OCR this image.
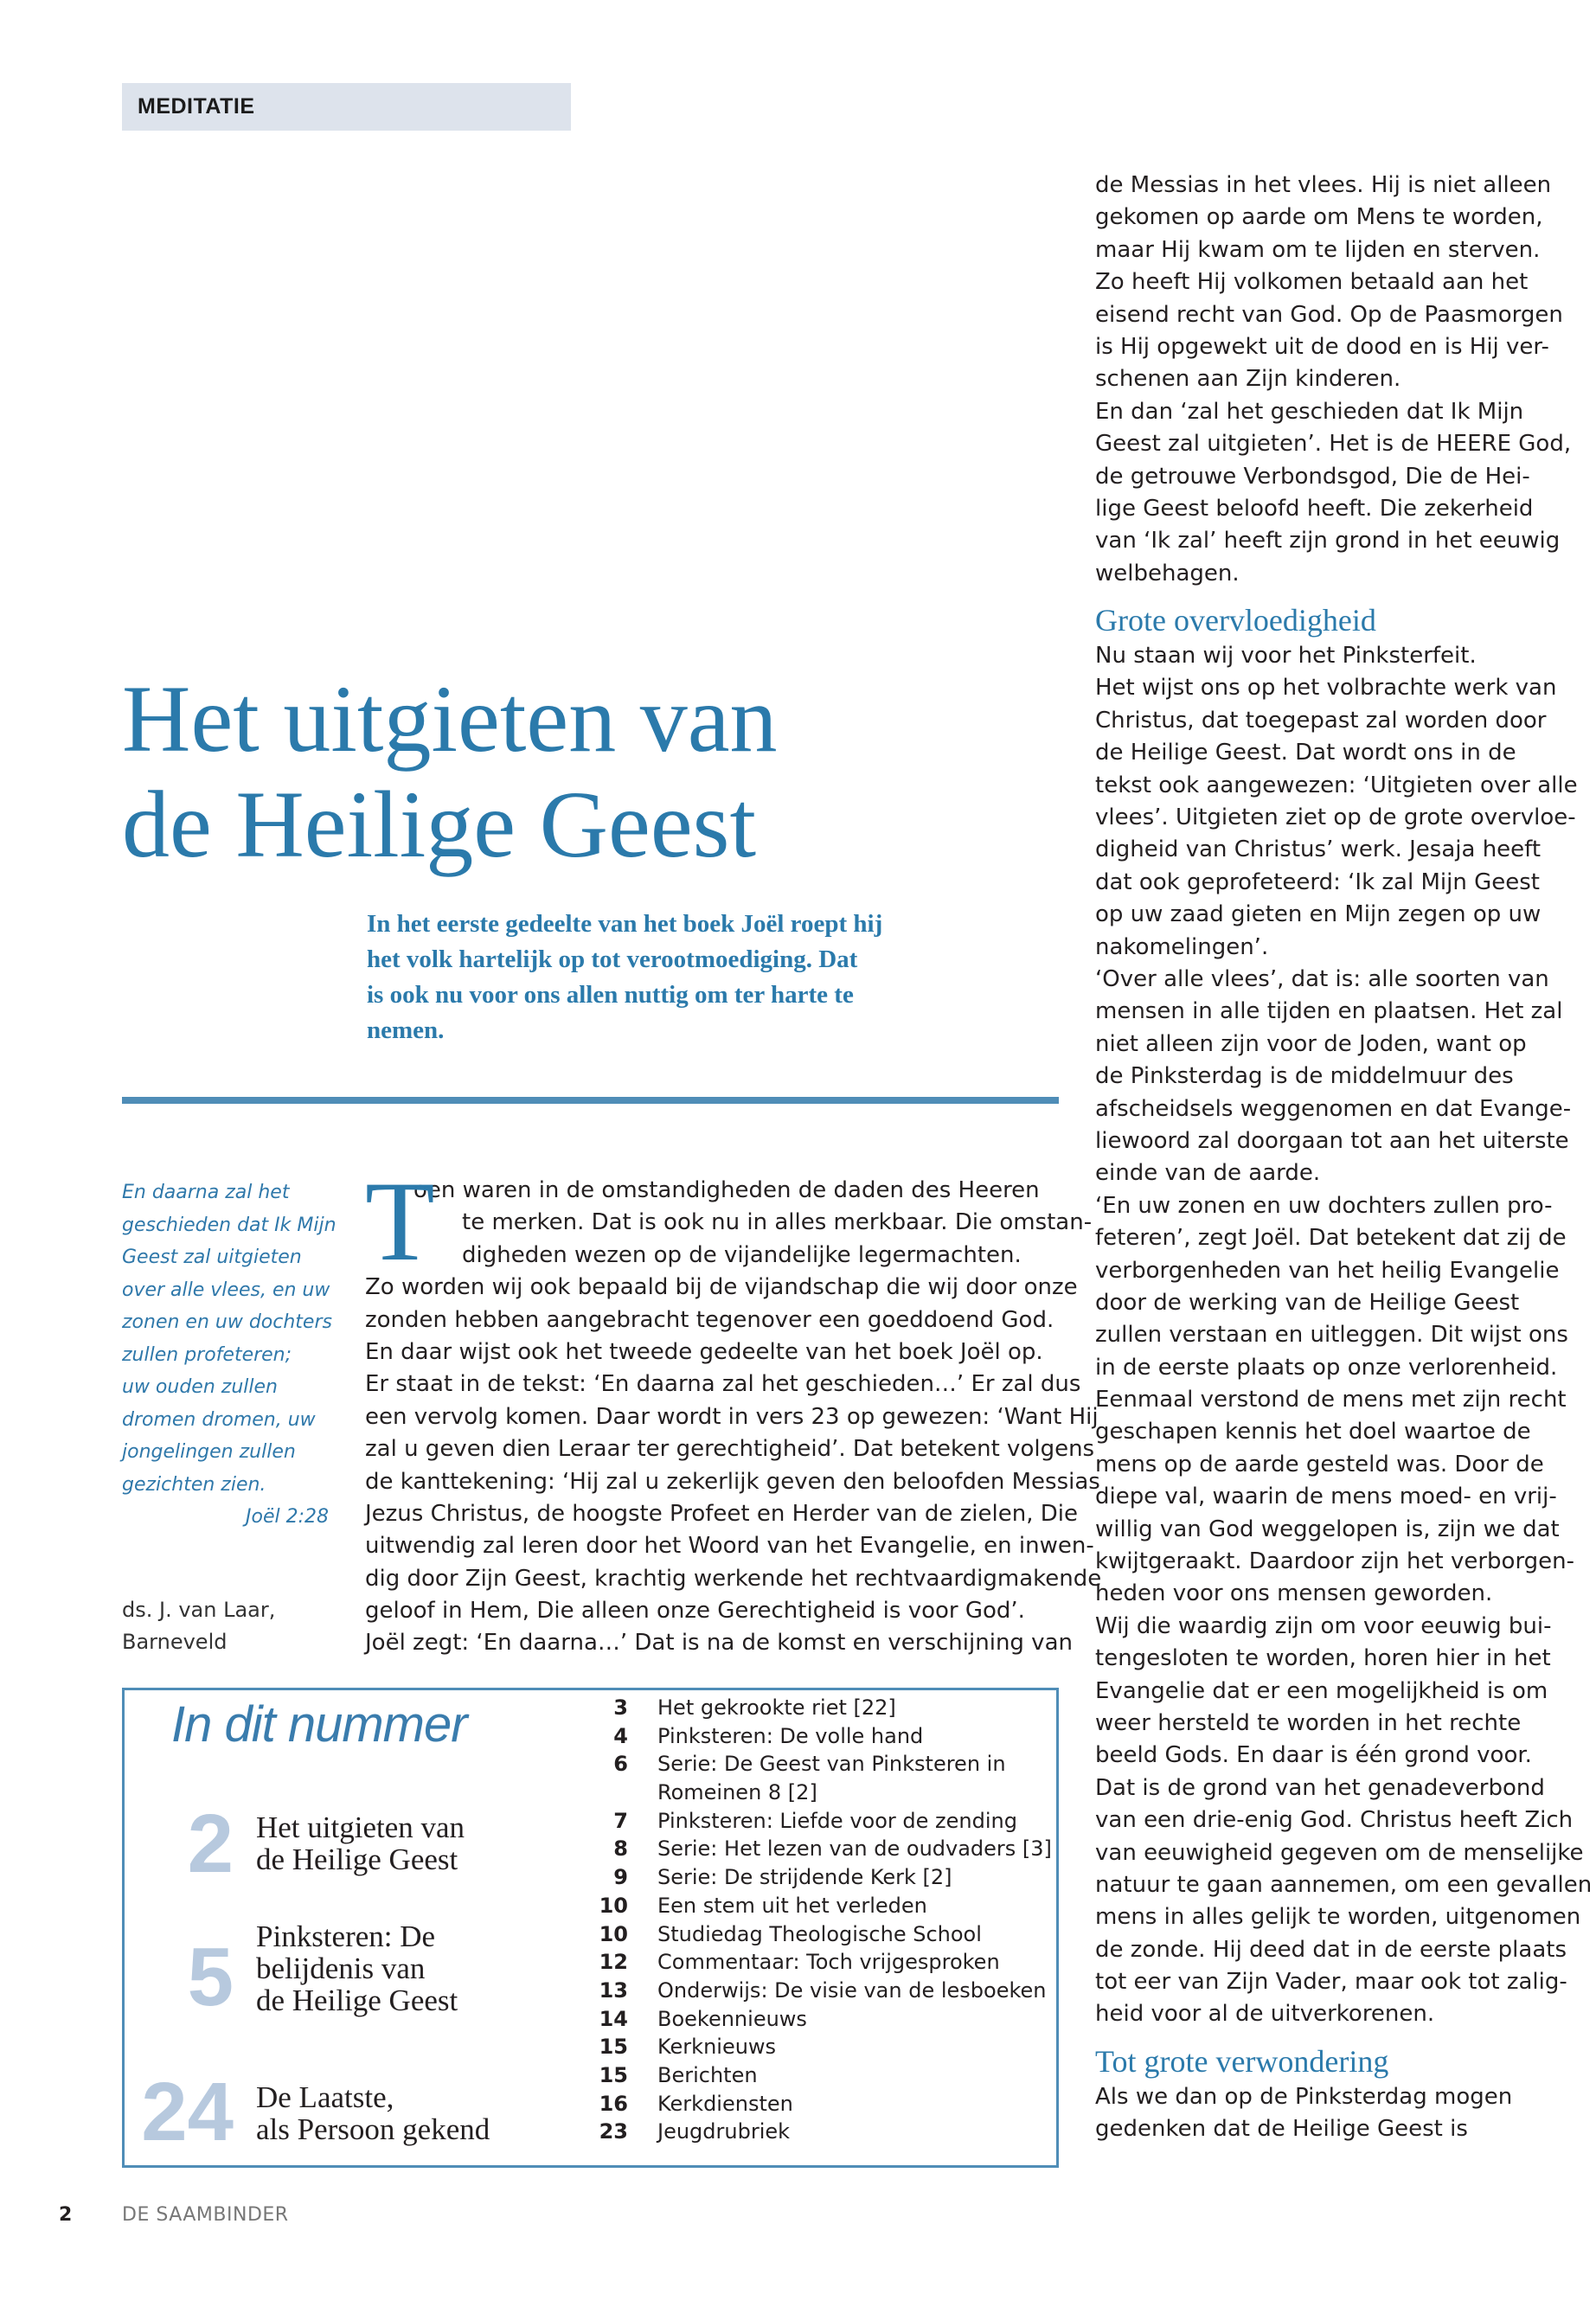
MEDITATIE
Het uitgieten van
de Heilige Geest
In het eerste gedeelte van het boek Joël roept hij
het volk hartelijk op tot verootmoediging. Dat
is ook nu voor ons allen nuttig om ter harte te
nemen.
En daarna zal het
geschieden dat Ik Mijn
Geest zal uitgieten
over alle vlees, en uw
zonen en uw dochters
zullen profeteren;
uw ouden zullen
dromen dromen, uw
jongelingen zullen
gezichten zien.
Joël 2:28
ds. J. van Laar,
Barneveld
T
oen waren in de omstandigheden de daden des Heeren
te merken. Dat is ook nu in alles merkbaar. Die omstan-
digheden wezen op de vijandelijke legermachten.
Zo worden wij ook bepaald bij de vijandschap die wij door onze
zonden hebben aangebracht tegenover een goeddoend God.
En daar wijst ook het tweede gedeelte van het boek Joël op.
Er staat in de tekst: ‘En daarna zal het geschieden…’ Er zal dus
een vervolg komen. Daar wordt in vers 23 op gewezen: ‘Want Hij
zal u geven dien Leraar ter gerechtigheid’. Dat betekent volgens
de kanttekening: ‘Hij zal u zekerlijk geven den beloofden Messias
Jezus Christus, de hoogste Profeet en Herder van de zielen, Die
uitwendig zal leren door het Woord van het Evangelie, en inwen-
dig door Zijn Geest, krachtig werkende het rechtvaardigmakende
geloof in Hem, Die alleen onze Gerechtigheid is voor God’.
Joël zegt: ‘En daarna…’ Dat is na de komst en verschijning van
de Messias in het vlees. Hij is niet alleen
gekomen op aarde om Mens te worden,
maar Hij kwam om te lijden en sterven.
Zo heeft Hij volkomen betaald aan het
eisend recht van God. Op de Paasmorgen
is Hij opgewekt uit de dood en is Hij ver-
schenen aan Zijn kinderen.
En dan ‘zal het geschieden dat Ik Mijn
Geest zal uitgieten’. Het is de HEERE God,
de getrouwe Verbondsgod, Die de Hei-
lige Geest beloofd heeft. Die zekerheid
van ‘Ik zal’ heeft zijn grond in het eeuwig
welbehagen.
Grote overvloedigheid
Nu staan wij voor het Pinksterfeit.
Het wijst ons op het volbrachte werk van
Christus, dat toegepast zal worden door
de Heilige Geest. Dat wordt ons in de
tekst ook aangewezen: ‘Uitgieten over alle
vlees’. Uitgieten ziet op de grote overvloe-
digheid van Christus’ werk. Jesaja heeft
dat ook geprofeteerd: ‘Ik zal Mijn Geest
op uw zaad gieten en Mijn zegen op uw
nakomelingen’.
‘Over alle vlees’, dat is: alle soorten van
mensen in alle tijden en plaatsen. Het zal
niet alleen zijn voor de Joden, want op
de Pinksterdag is de middelmuur des
afscheidsels weggenomen en dat Evange-
liewoord zal doorgaan tot aan het uiterste
einde van de aarde.
‘En uw zonen en uw dochters zullen pro-
feteren’, zegt Joël. Dat betekent dat zij de
verborgenheden van het heilig Evangelie
door de werking van de Heilige Geest
zullen verstaan en uitleggen. Dit wijst ons
in de eerste plaats op onze verlorenheid.
Eenmaal verstond de mens met zijn recht
geschapen kennis het doel waartoe de
mens op de aarde gesteld was. Door de
diepe val, waarin de mens moed- en vrij-
willig van God weggelopen is, zijn we dat
kwijtgeraakt. Daardoor zijn het verborgen-
heden voor ons mensen geworden.
Wij die waardig zijn om voor eeuwig bui-
tengesloten te worden, horen hier in het
Evangelie dat er een mogelijkheid is om
weer hersteld te worden in het rechte
beeld Gods. En daar is één grond voor.
Dat is de grond van het genadeverbond
van een drie-enig God. Christus heeft Zich
van eeuwigheid gegeven om de menselijke
natuur te gaan aannemen, om een gevallen
mens in alles gelijk te worden, uitgenomen
de zonde. Hij deed dat in de eerste plaats
tot eer van Zijn Vader, maar ook tot zalig-
heid voor al de uitverkorenen.
Tot grote verwondering
Als we dan op de Pinksterdag mogen
gedenken dat de Heilige Geest is
In dit nummer
2 Het uitgieten van
de Heilige Geest
5 Pinksteren: De
belijdenis van
de Heilige Geest
24 De Laatste,
als Persoon gekend
3	Het gekrookte riet [22]
4	Pinksteren: De volle hand
6	Serie: De Geest van Pinksteren in
Romeinen 8 [2]
7	Pinksteren: Liefde voor de zending
8	Serie: Het lezen van de oudvaders [3]
9	Serie: De strijdende Kerk [2]
10	Een stem uit het verleden
10	Studiedag Theologische School
12	Commentaar: Toch vrijgesproken
13	Onderwijs: De visie van de lesboeken
14	Boekennieuws
15	Kerknieuws
15	Berichten
16	Kerkdiensten
23	Jeugdrubriek
2	DE SAAMBINDER
